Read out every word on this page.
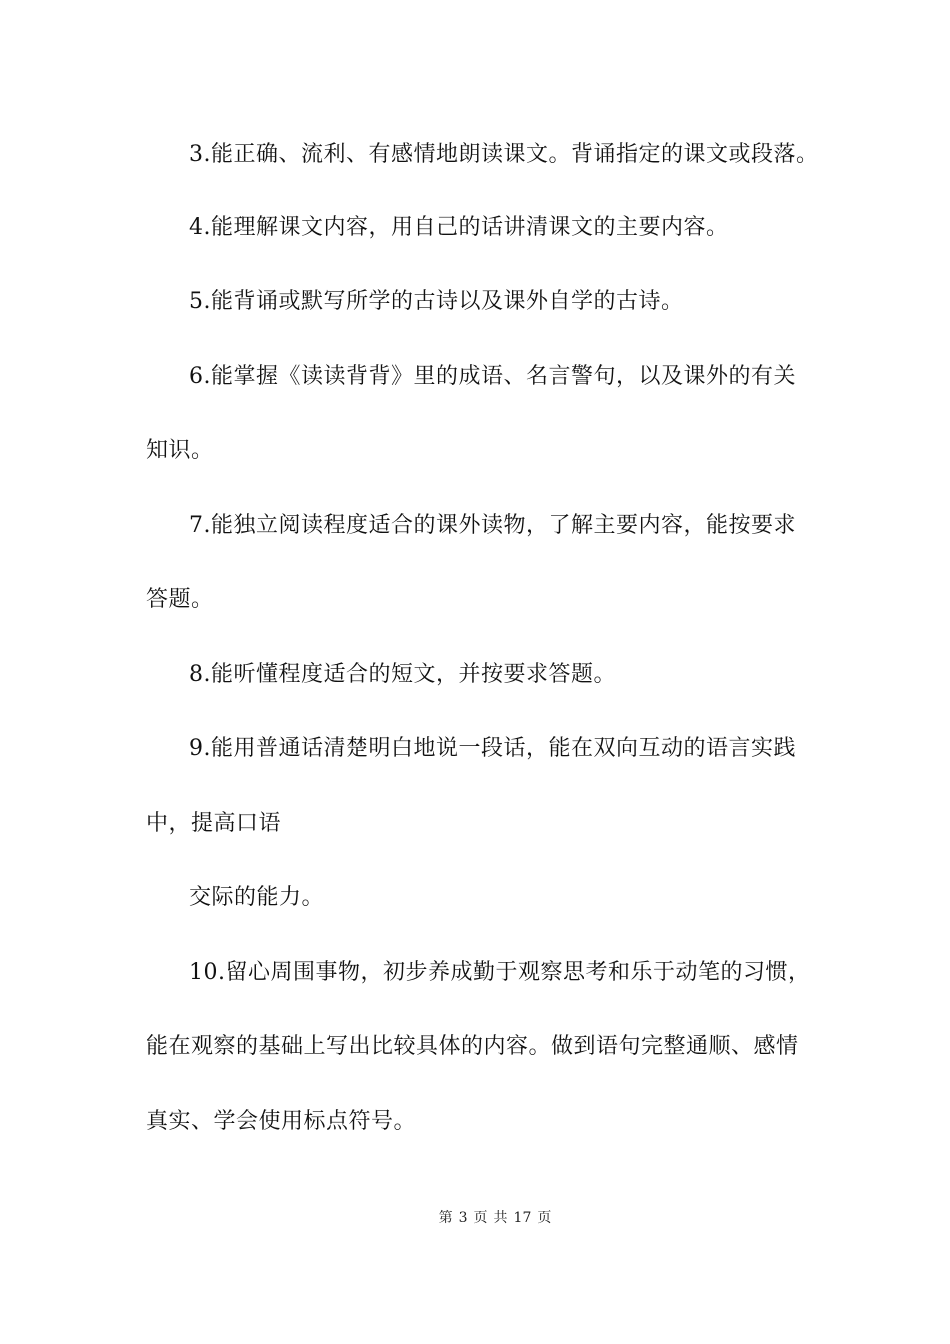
3.能正确、流利、有感情地朗读课文。背诵指定的课文或段落。
4.能理解课文内容，用自己的话讲清课文的主要内容。
5.能背诵或默写所学的古诗以及课外自学的古诗。
6.能掌握《读读背背》里的成语、名言警句，以及课外的有关
知识。
7.能独立阅读程度适合的课外读物，了解主要内容，能按要求
答题。
8.能听懂程度适合的短文，并按要求答题。
9.能用普通话清楚明白地说一段话，能在双向互动的语言实践
中，提高口语
交际的能力。
10.留心周围事物，初步养成勤于观察思考和乐于动笔的习惯，
能在观察的基础上写出比较具体的内容。做到语句完整通顺、感情
真实、学会使用标点符号。
第 3 页 共 17 页
